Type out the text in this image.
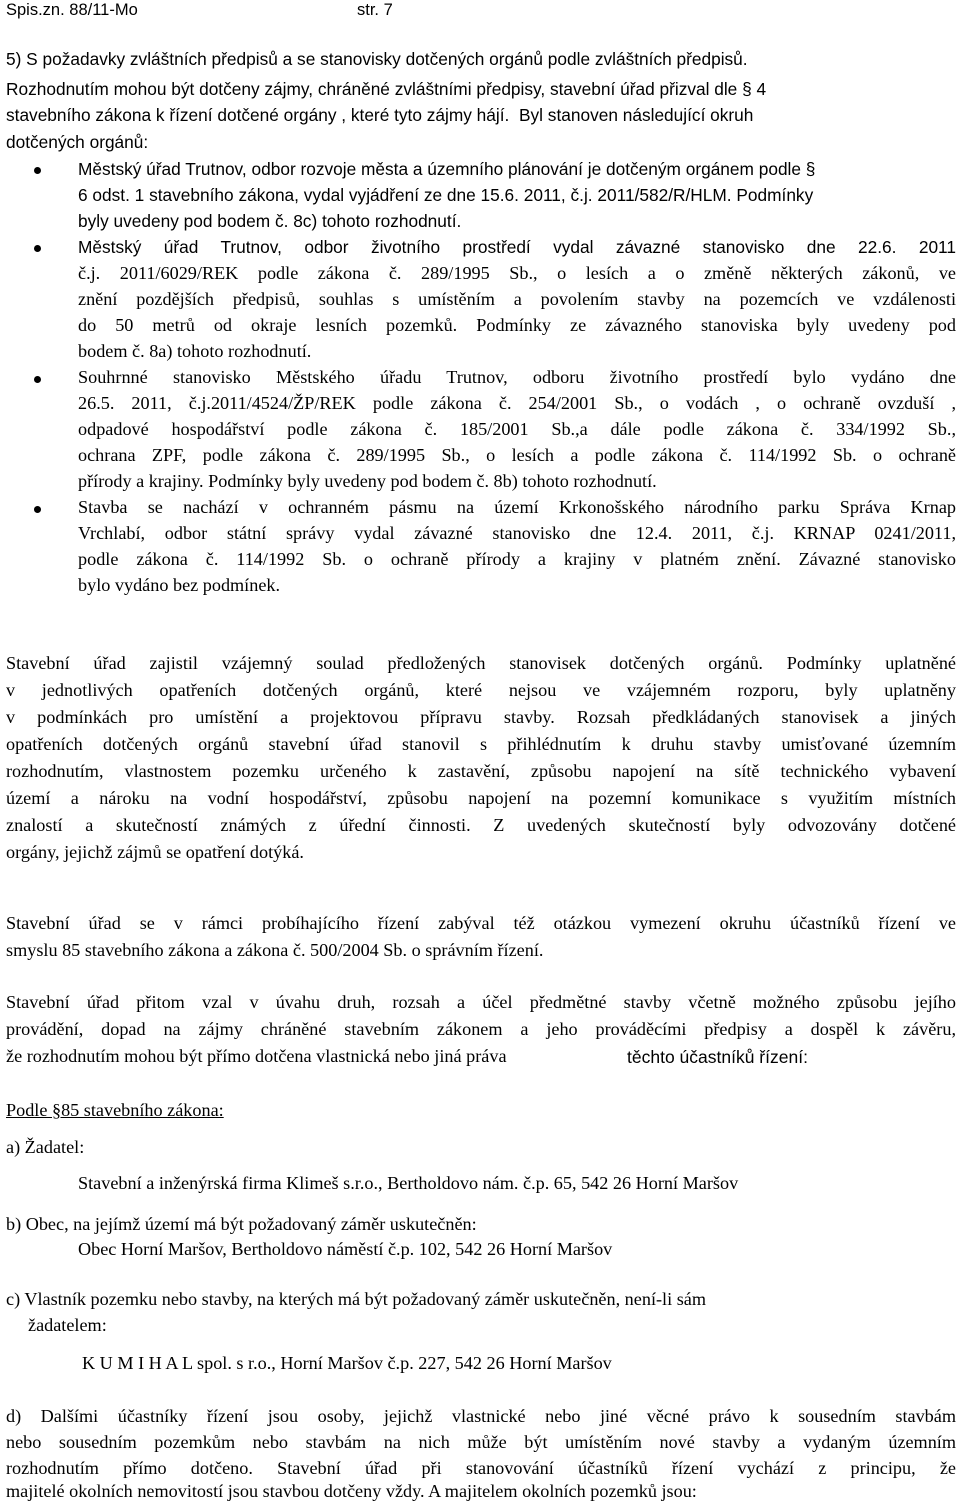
Spis.zn. 88/11-Mo	str. 7
5) S požadavky zvláštních předpisů a se stanovisky dotčených orgánů podle zvláštních předpisů.
Rozhodnutím mohou být dotčeny zájmy, chráněné zvláštními předpisy, stavební úřad přizval dle § 4
stavebního zákona k řízení dotčené orgány , které tyto zájmy hájí. Byl stanoven následující okruh
dotčených orgánů:
Městský úřad Trutnov, odbor rozvoje města a územního plánování je dotčeným orgánem podle §
6 odst. 1 stavebního zákona, vydal vyjádření ze dne 15.6. 2011, č.j. 2011/582/R/HLM. Podmínky
byly uvedeny pod bodem č. 8c) tohoto rozhodnutí.
Městský úřad Trutnov, odbor životního prostředí vydal závazné stanovisko dne 22.6. 2011
č.j. 2011/6029/REK podle zákona č. 289/1995 Sb., o lesích a o změně některých zákonů, ve
znění pozdějších předpisů, souhlas s umístěním a povolením stavby na pozemcích ve vzdálenosti
do 50 metrů od okraje lesních pozemků. Podmínky ze závazného stanoviska byly uvedeny pod
bodem č. 8a) tohoto rozhodnutí.
Souhrnné stanovisko Městského úřadu Trutnov, odboru životního prostředí bylo vydáno dne
26.5. 2011, č.j.2011/4524/ŽP/REK podle zákona č. 254/2001 Sb., o vodách , o ochraně ovzduší ,
odpadové hospodářství podle zákona č. 185/2001 Sb.,a dále podle zákona č. 334/1992 Sb.,
ochrana ZPF, podle zákona č. 289/1995 Sb., o lesích a podle zákona č. 114/1992 Sb. o ochraně
přírody a krajiny. Podmínky byly uvedeny pod bodem č. 8b) tohoto rozhodnutí.
Stavba se nachází v ochranném pásmu na území Krkonošského národního parku Správa Krnap
Vrchlabí, odbor státní správy vydal závazné stanovisko dne 12.4. 2011, č.j. KRNAP 0241/2011,
podle zákona č. 114/1992 Sb. o ochraně přírody a krajiny v platném znění. Závazné stanovisko
bylo vydáno bez podmínek.
Stavební úřad zajistil vzájemný soulad předložených stanovisek dotčených orgánů. Podmínky uplatněné
v jednotlivých opatřeních dotčených orgánů, které nejsou ve vzájemném rozporu, byly uplatněny
v podmínkách pro umístění a projektovou přípravu stavby. Rozsah předkládaných stanovisek a jiných
opatřeních dotčených orgánů stavební úřad stanovil s přihlédnutím k druhu stavby umisťované územním
rozhodnutím, vlastnostem pozemku určeného k zastavění, způsobu napojení na sítě technického vybavení
území a nároku na vodní hospodářství, způsobu napojení na pozemní komunikace s využitím místních
znalostí a skutečností známých z úřední činnosti. Z uvedených skutečností byly odvozovány dotčené
orgány, jejichž zájmů se opatření dotýká.
Stavební úřad se v rámci probíhajícího řízení zabýval též otázkou vymezení okruhu účastníků řízení ve
smyslu 85 stavebního zákona a zákona č. 500/2004 Sb. o správním řízení.
Stavební úřad přitom vzal v úvahu druh, rozsah a účel předmětné stavby včetně možného způsobu jejího
provádění, dopad na zájmy chráněné stavebním zákonem a jeho prováděcími předpisy a dospěl k závěru,
že rozhodnutím mohou být přímo dotčena vlastnická nebo jiná práva	těchto účastníků řízení:
Podle §85 stavebního zákona:
a) Žadatel:
Stavební a inženýrská firma Klimeš s.r.o., Bertholdovo nám. č.p. 65, 542 26 Horní Maršov
b) Obec, na jejímž území má být požadovaný záměr uskutečněn:
Obec Horní Maršov, Bertholdovo náměstí č.p. 102, 542 26 Horní Maršov
c) Vlastník pozemku nebo stavby, na kterých má být požadovaný záměr uskutečněn, není-li sám
žadatelem:
K U M I H A L spol. s r.o., Horní Maršov č.p. 227, 542 26 Horní Maršov
d) Dalšími účastníky řízení jsou osoby, jejichž vlastnické nebo jiné věcné právo k sousedním stavbám
nebo sousedním pozemkům nebo stavbám na nich může být umístěním nové stavby a vydaným územním
rozhodnutím přímo dotčeno. Stavební úřad při stanovování účastníků řízení vychází z principu, že
majitelé okolních nemovitostí jsou stavbou dotčeny vždy. A majitelem okolních pozemků jsou:
